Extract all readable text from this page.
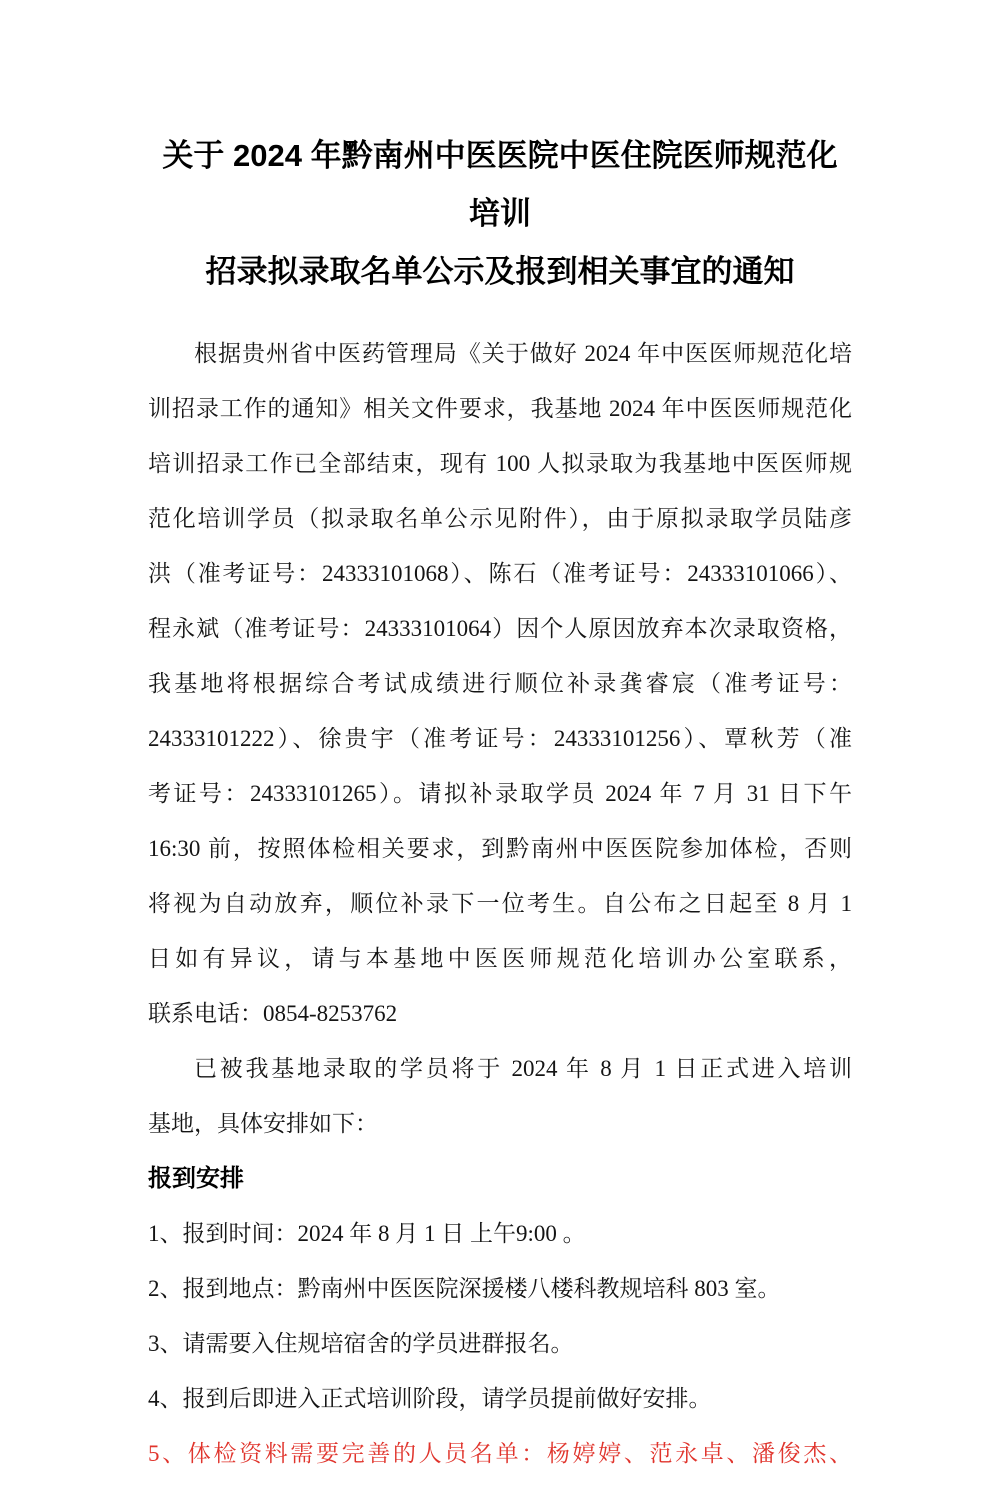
关于 2024 年黔南州中医医院中医住院医师规范化培训
招录拟录取名单公示及报到相关事宜的通知
根据贵州省中医药管理局《关于做好 2024 年中医医师规范化培
训招录工作的通知》相关文件要求，我基地 2024 年中医医师规范化
培训招录工作已全部结束，现有 100 人拟录取为我基地中医医师规
范化培训学员（拟录取名单公示见附件），由于原拟录取学员陆彦
洪（准考证号：24333101068）、陈石（准考证号：24333101066）、
程永斌（准考证号：24333101064）因个人原因放弃本次录取资格，
我基地将根据综合考试成绩进行顺位补录龚睿宸（准考证号：
24333101222）、徐贵宇（准考证号：24333101256）、覃秋芳（准
考证号：24333101265）。请拟补录取学员 2024 年 7 月 31 日下午
16:30 前，按照体检相关要求，到黔南州中医医院参加体检，否则
将视为自动放弃，顺位补录下一位考生。自公布之日起至 8 月 1
日如有异议，请与本基地中医医师规范化培训办公室联系，
联系电话：0854-8253762
已被我基地录取的学员将于 2024 年 8 月 1 日正式进入培训
基地，具体安排如下：
报到安排
1、报到时间：2024 年 8 月 1 日 上午9:00 。
2、报到地点：黔南州中医医院深援楼八楼科教规培科 803 室。
3、请需要入住规培宿舍的学员进群报名。
4、报到后即进入正式培训阶段，请学员提前做好安排。
5、体检资料需要完善的人员名单：杨婷婷、范永卓、潘俊杰、
